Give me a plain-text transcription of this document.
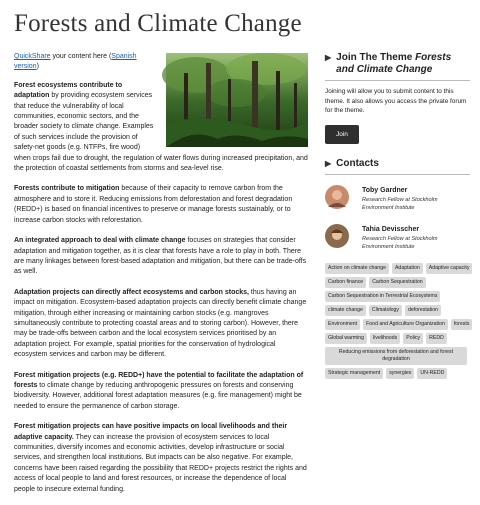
Forests and Climate Change

QuickShare your content here (Spanish version)

Forest ecosystems contribute to adaptation by providing ecosystem services that reduce the vulnerability of local communities, economic sectors, and the broader society to climate change. Examples of such services include the provision of safety-net goods (e.g. NTFPs, fire wood) when crops fail due to drought, the regulation of water flows during increased precipitation, and the protection of coastal settlements from storms and sea-level rise.

Forests contribute to mitigation because of their capacity to remove carbon from the atmosphere and to store it. Reducing emissions from deforestation and forest degradation (REDD+) is based on financial incentives to preserve or manage forests sustainably, or to increase carbon stocks with reforestation.

An integrated approach to deal with climate change focuses on strategies that consider adaptation and mitigation together, as it is clear that forests have a role to play in both. There are many linkages between forest-based adaptation and mitigation, but there can be trade-offs as well.

Adaptation projects can directly affect ecosystems and carbon stocks, thus having an impact on mitigation. Ecosystem-based adaptation projects can directly benefit climate change mitigation, through either increasing or maintaining carbon stocks (e.g. mangroves simultaneously contribute to protecting coastal areas and to storing carbon). However, there may be trade-offs between carbon and the local ecosystem services prioritised by an adaptation project. For example, spatial priorities for the conservation of hydrological ecosystem services and carbon may be different.

Forest mitigation projects (e.g. REDD+) have the potential to facilitate the adaptation of forests to climate change by reducing anthropogenic pressures on forests and conserving biodiversity. However, additional forest adaptation measures (e.g. fire management) might be needed to ensure the permanence of carbon storage.

Forest mitigation projects can have positive impacts on local livelihoods and their adaptive capacity. They can increase the provision of ecosystem services to local communities, diversify incomes and economic activities, develop infrastructure or social services, and strengthen local institutions. But impacts can be also negative. For example, concerns have been raised regarding the possibility that REDD+ projects restrict the rights and access of local people to land and forest resources, or increase the dependence of local people to insecure external funding.

▶ Join The Theme Forests and Climate Change
Joining will allow you to submit content to this theme. It also allows you access the private forum for the theme.
Join
▶ Contacts
Toby Gardner
Research Fellow at Stockholm Environment Institute
Tahia Devisscher
Research Fellow at Stockholm Environment Institute
Action on climate change	Adaptation	Adaptive capacity
Carbon finance	Carbon Sequestration
Carbon Sequestration in Terrestrial Ecosystems
climate change	Climatology	deforestation
Environment	Food and Agriculture Organization	forests
Global warming	livelihoods	Policy	REDD
Reducing emissions from deforestation and forest degradation
Strategic management	synergies	UN-REDD
